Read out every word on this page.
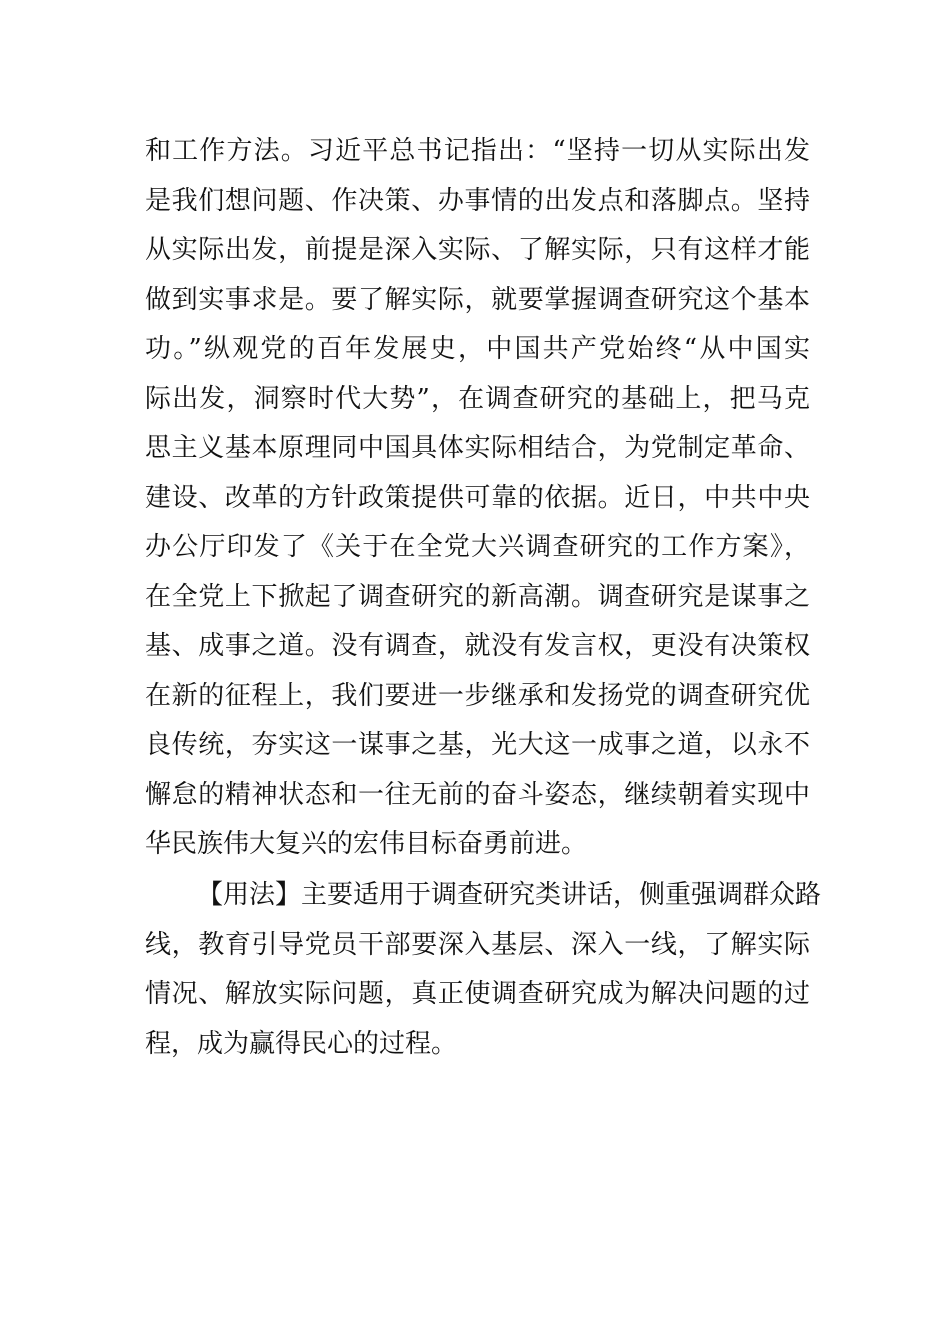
和工作方法。习近平总书记指出：“坚持一切从实际出发
是我们想问题、作决策、办事情的出发点和落脚点。坚持
从实际出发，前提是深入实际、了解实际，只有这样才能
做到实事求是。要了解实际，就要掌握调查研究这个基本
功。”纵观党的百年发展史，中国共产党始终“从中国实
际出发，洞察时代大势”，在调查研究的基础上，把马克
思主义基本原理同中国具体实际相结合，为党制定革命、
建设、改革的方针政策提供可靠的依据。近日，中共中央
办公厅印发了《关于在全党大兴调查研究的工作方案》，
在全党上下掀起了调查研究的新高潮。调查研究是谋事之
基、成事之道。没有调查，就没有发言权，更没有决策权
在新的征程上，我们要进一步继承和发扬党的调查研究优
良传统，夯实这一谋事之基，光大这一成事之道，以永不
懈怠的精神状态和一往无前的奋斗姿态，继续朝着实现中
华民族伟大复兴的宏伟目标奋勇前进。
【用法】主要适用于调查研究类讲话，侧重强调群众路
线，教育引导党员干部要深入基层、深入一线，了解实际
情况、解放实际问题，真正使调查研究成为解决问题的过
程，成为赢得民心的过程。
